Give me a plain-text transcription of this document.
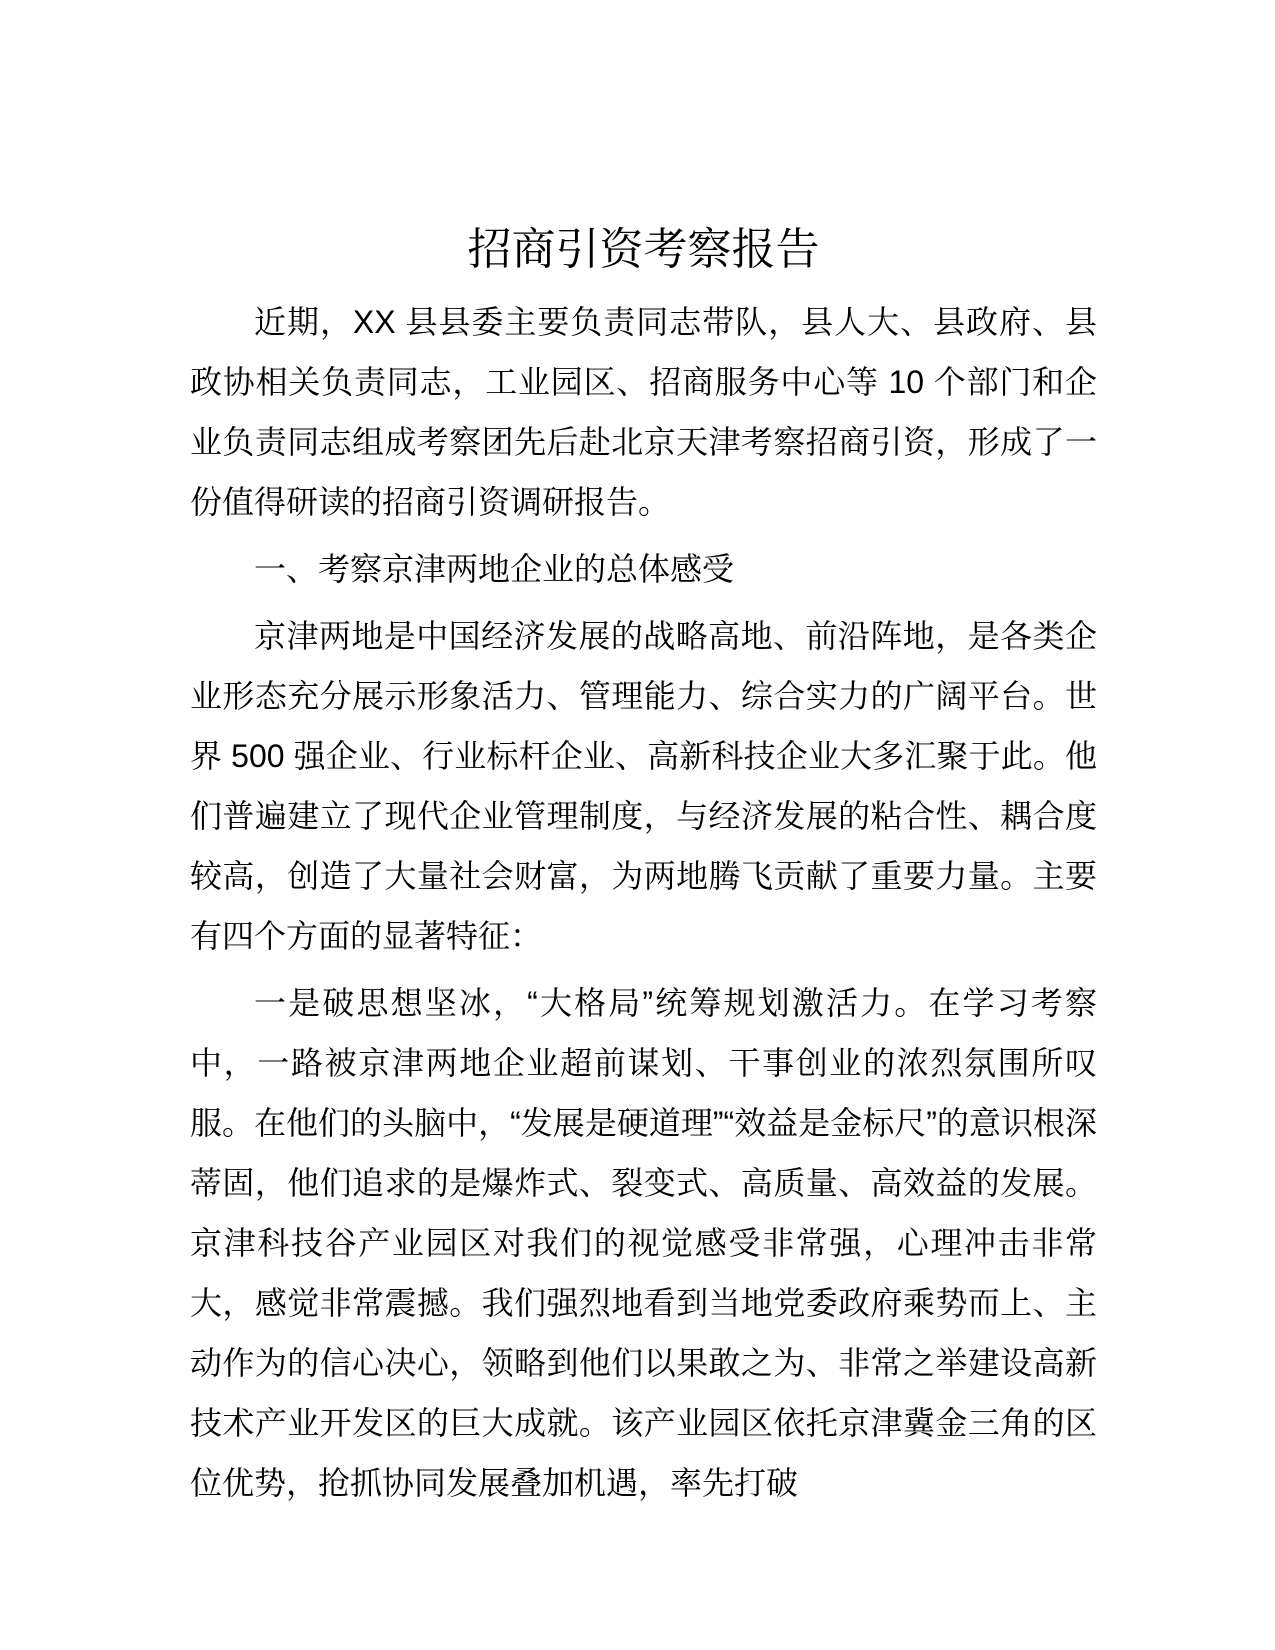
招商引资考察报告

近期，XX 县县委主要负责同志带队，县人大、县政府、县政协相关负责同志，工业园区、招商服务中心等 10 个部门和企业负责同志组成考察团先后赴北京天津考察招商引资，形成了一份值得研读的招商引资调研报告。

一、考察京津两地企业的总体感受

京津两地是中国经济发展的战略高地、前沿阵地，是各类企业形态充分展示形象活力、管理能力、综合实力的广阔平台。世界 500 强企业、行业标杆企业、高新科技企业大多汇聚于此。他们普遍建立了现代企业管理制度，与经济发展的粘合性、耦合度较高，创造了大量社会财富，为两地腾飞贡献了重要力量。主要有四个方面的显著特征：

一是破思想坚冰，“大格局”统筹规划激活力。在学习考察中，一路被京津两地企业超前谋划、干事创业的浓烈氛围所叹服。在他们的头脑中，“发展是硬道理”“效益是金标尺”的意识根深蒂固，他们追求的是爆炸式、裂变式、高质量、高效益的发展。京津科技谷产业园区对我们的视觉感受非常强，心理冲击非常大，感觉非常震撼。我们强烈地看到当地党委政府乘势而上、主动作为的信心决心，领略到他们以果敢之为、非常之举建设高新技术产业开发区的巨大成就。该产业园区依托京津冀金三角的区位优势，抢抓协同发展叠加机遇，率先打破
